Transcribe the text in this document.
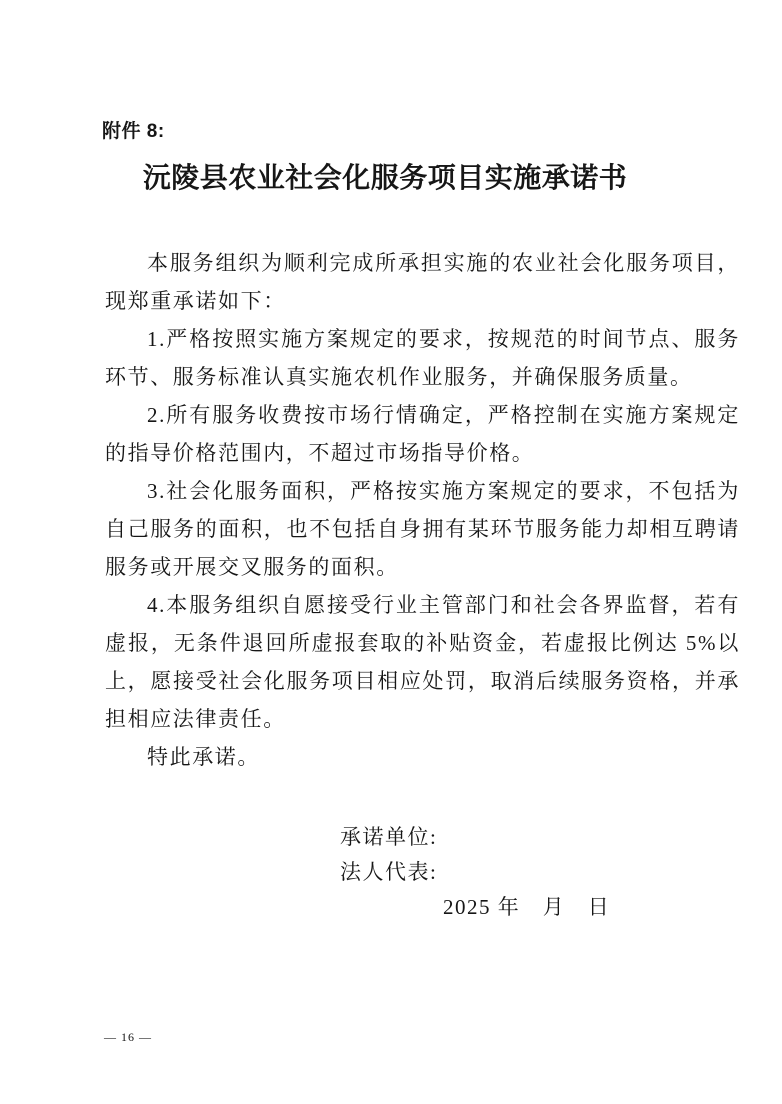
附件 8:
沅陵县农业社会化服务项目实施承诺书

本服务组织为顺利完成所承担实施的农业社会化服务项目，现郑重承诺如下：

1.严格按照实施方案规定的要求，按规范的时间节点、服务环节、服务标准认真实施农机作业服务，并确保服务质量。

2.所有服务收费按市场行情确定，严格控制在实施方案规定的指导价格范围内，不超过市场指导价格。

3.社会化服务面积，严格按实施方案规定的要求，不包括为自己服务的面积，也不包括自身拥有某环节服务能力却相互聘请服务或开展交叉服务的面积。

4.本服务组织自愿接受行业主管部门和社会各界监督，若有虚报，无条件退回所虚报套取的补贴资金，若虚报比例达 5%以上，愿接受社会化服务项目相应处罚，取消后续服务资格，并承担相应法律责任。

特此承诺。

承诺单位:
法人代表:
2025 年　月　日
— 16 —
